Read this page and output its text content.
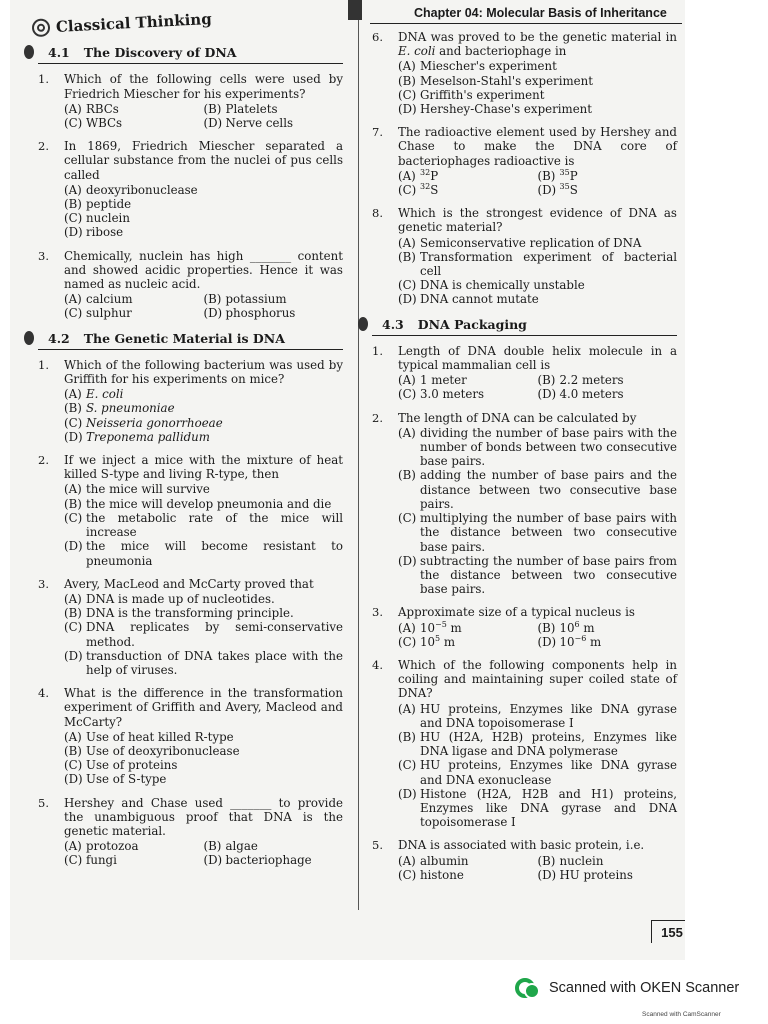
Chapter 04: Molecular Basis of Inheritance
Classical Thinking
4.1 The Discovery of DNA
1.	Which of the following cells were used by Friedrich Miescher for his experiments?
(A) RBCs	(B) Platelets
(C) WBCs	(D) Nerve cells
2.	In 1869, Friedrich Miescher separated a cellular substance from the nuclei of pus cells called
(A) deoxyribonuclease
(B) peptide
(C) nuclein
(D) ribose
3.	Chemically, nuclein has high _______ content and showed acidic properties. Hence it was named as nucleic acid.
(A) calcium	(B) potassium
(C) sulphur	(D) phosphorus
4.2 The Genetic Material is DNA
1.	Which of the following bacterium was used by Griffith for his experiments on mice?
(A) E. coli
(B) S. pneumoniae
(C) Neisseria gonorrhoeae
(D) Treponema pallidum
2.	If we inject a mice with the mixture of heat killed S-type and living R-type, then
(A) the mice will survive
(B) the mice will develop pneumonia and die
(C) the metabolic rate of the mice will increase
(D) the mice will become resistant to pneumonia
3.	Avery, MacLeod and McCarty proved that
(A) DNA is made up of nucleotides.
(B) DNA is the transforming principle.
(C) DNA replicates by semi-conservative method.
(D) transduction of DNA takes place with the help of viruses.
4.	What is the difference in the transformation experiment of Griffith and Avery, Macleod and McCarty?
(A) Use of heat killed R-type
(B) Use of deoxyribonuclease
(C) Use of proteins
(D) Use of S-type
5.	Hershey and Chase used _______ to provide the unambiguous proof that DNA is the genetic material.
(A) protozoa	(B) algae
(C) fungi	(D) bacteriophage
6.	DNA was proved to be the genetic material in E. coli and bacteriophage in
(A) Miescher's experiment
(B) Meselson-Stahl's experiment
(C) Griffith's experiment
(D) Hershey-Chase's experiment
7.	The radioactive element used by Hershey and Chase to make the DNA core of bacteriophages radioactive is
(A) $^{32}$P	(B) $^{35}$P
(C) $^{32}$S	(D) $^{35}$S
8.	Which is the strongest evidence of DNA as genetic material?
(A) Semiconservative replication of DNA
(B) Transformation experiment of bacterial cell
(C) DNA is chemically unstable
(D) DNA cannot mutate
4.3 DNA Packaging
1.	Length of DNA double helix molecule in a typical mammalian cell is
(A) 1 meter	(B) 2.2 meters
(C) 3.0 meters	(D) 4.0 meters
2.	The length of DNA can be calculated by
(A) dividing the number of base pairs with the number of bonds between two consecutive base pairs.
(B) adding the number of base pairs and the distance between two consecutive base pairs.
(C) multiplying the number of base pairs with the distance between two consecutive base pairs.
(D) subtracting the number of base pairs from the distance between two consecutive base pairs.
3.	Approximate size of a typical nucleus is
(A) $10^{-5}$ m	(B) $10^6$ m
(C) $10^5$ m	(D) $10^{-6}$ m
4.	Which of the following components help in coiling and maintaining super coiled state of DNA?
(A) HU proteins, Enzymes like DNA gyrase and DNA topoisomerase I
(B) HU (H2A, H2B) proteins, Enzymes like DNA ligase and DNA polymerase
(C) HU proteins, Enzymes like DNA gyrase and DNA exonuclease
(D) Histone (H2A, H2B and H1) proteins, Enzymes like DNA gyrase and DNA topoisomerase I
5.	DNA is associated with basic protein, i.e.
(A) albumin	(B) nuclein
(C) histone	(D) HU proteins
155
Scanned with OKEN Scanner
Scanned with CamScanner
